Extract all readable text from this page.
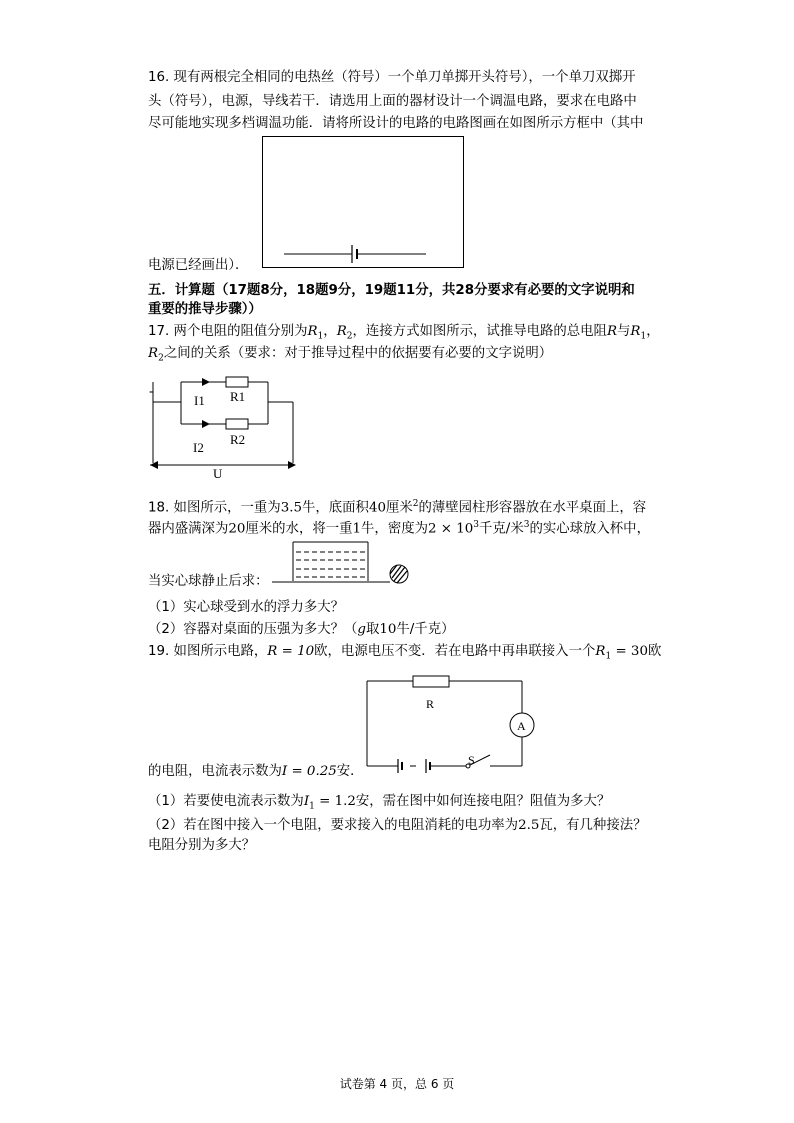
16. 现有两根完全相同的电热丝（符号）一个单刀单掷开头符号），一个单刀双掷开
头（符号），电源，导线若干．请选用上面的器材设计一个调温电路，要求在电路中
尽可能地实现多档调温功能．请将所设计的电路的电路图画在如图所示方框中（其中
电源已经画出）．
五．计算题（17题8分，18题9分，19题11分，共28分要求有必要的文字说明和
重要的推导步骤））
17. 两个电阻的阻值分别为$R_1$，$R_2$，连接方式如图所示，试推导电路的总电阻R与$R_1$，
$R_2$之间的关系（要求：对于推导过程中的依据要有必要的文字说明）
-
I1 R1
R2
I2
U
18. 如图所示，一重为3.5牛，底面积40厘米$^2$的薄壁园柱形容器放在水平桌面上，容
器内盛满深为20厘米的水，将一重1牛，密度为$2 \times 10^3$千克/米$^3$的实心球放入杯中，
当实心球静止后求：
（1）实心球受到水的浮力多大？
（2）容器对桌面的压强为多大？（g取10牛/千克）
19. 如图所示电路，R = 10欧，电源电压不变．若在电路中再串联接入一个$R_1 = 30$欧
R
A
S
的电阻，电流表示数为I = 0.25安．
（1）若要使电流表示数为$I_1 = 1.2$安，需在图中如何连接电阻？阻值为多大？
（2）若在图中接入一个电阻，要求接入的电阻消耗的电功率为2.5瓦，有几种接法？
电阻分别为多大？
试卷第 4 页，总 6 页
